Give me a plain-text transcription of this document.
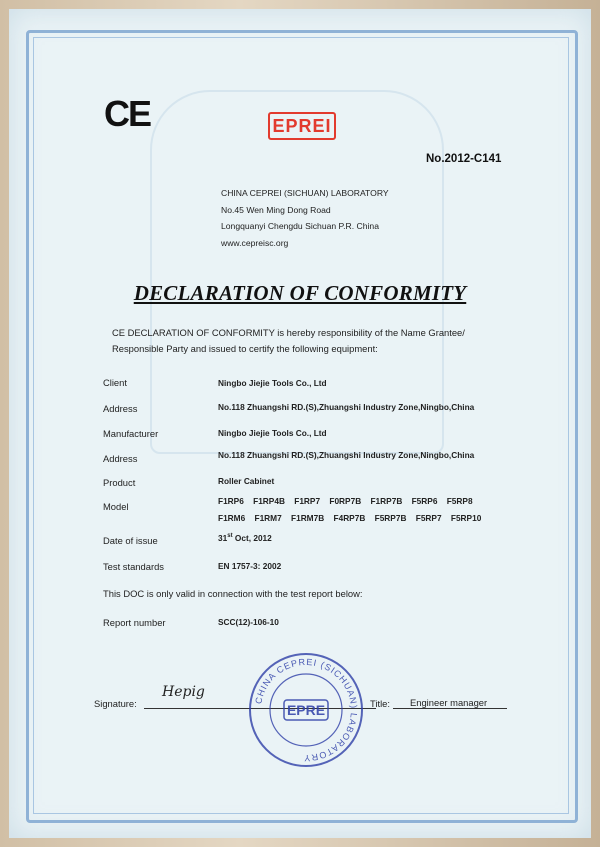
CE	EPREI
No.2012-C141
CHINA CEPREI (SICHUAN) LABORATORY
No.45 Wen Ming Dong Road
Longquanyi Chengdu Sichuan P.R. China
www.cepreisc.org
DECLARATION OF CONFORMITY
CE DECLARATION OF CONFORMITY is hereby responsibility of the Name Grantee/
Responsible Party and issued to certify the following equipment:
Client	Ningbo Jiejie Tools Co., Ltd
Address	No.118 Zhuangshi RD.(S),Zhuangshi Industry Zone,Ningbo,China
Manufacturer	Ningbo Jiejie Tools Co., Ltd
Address	No.118 Zhuangshi RD.(S),Zhuangshi Industry Zone,Ningbo,China
Product	Roller Cabinet
Model	F1RP6 F1RP4B F1RP7 F0RP7B F1RP7B F5RP6 F5RP8
F1RM6 F1RM7 F1RM7B F4RP7B F5RP7B F5RP7 F5RP10
Date of issue	31st Oct, 2012
Test standards	EN 1757-3: 2002
This DOC is only valid in connection with the test report below:
Report number	SCC(12)-106-10
Signature:
Hepig
CHINA CEPREI (SICHUAN) LABORATORY
EPRE	Title: Engineer manager
